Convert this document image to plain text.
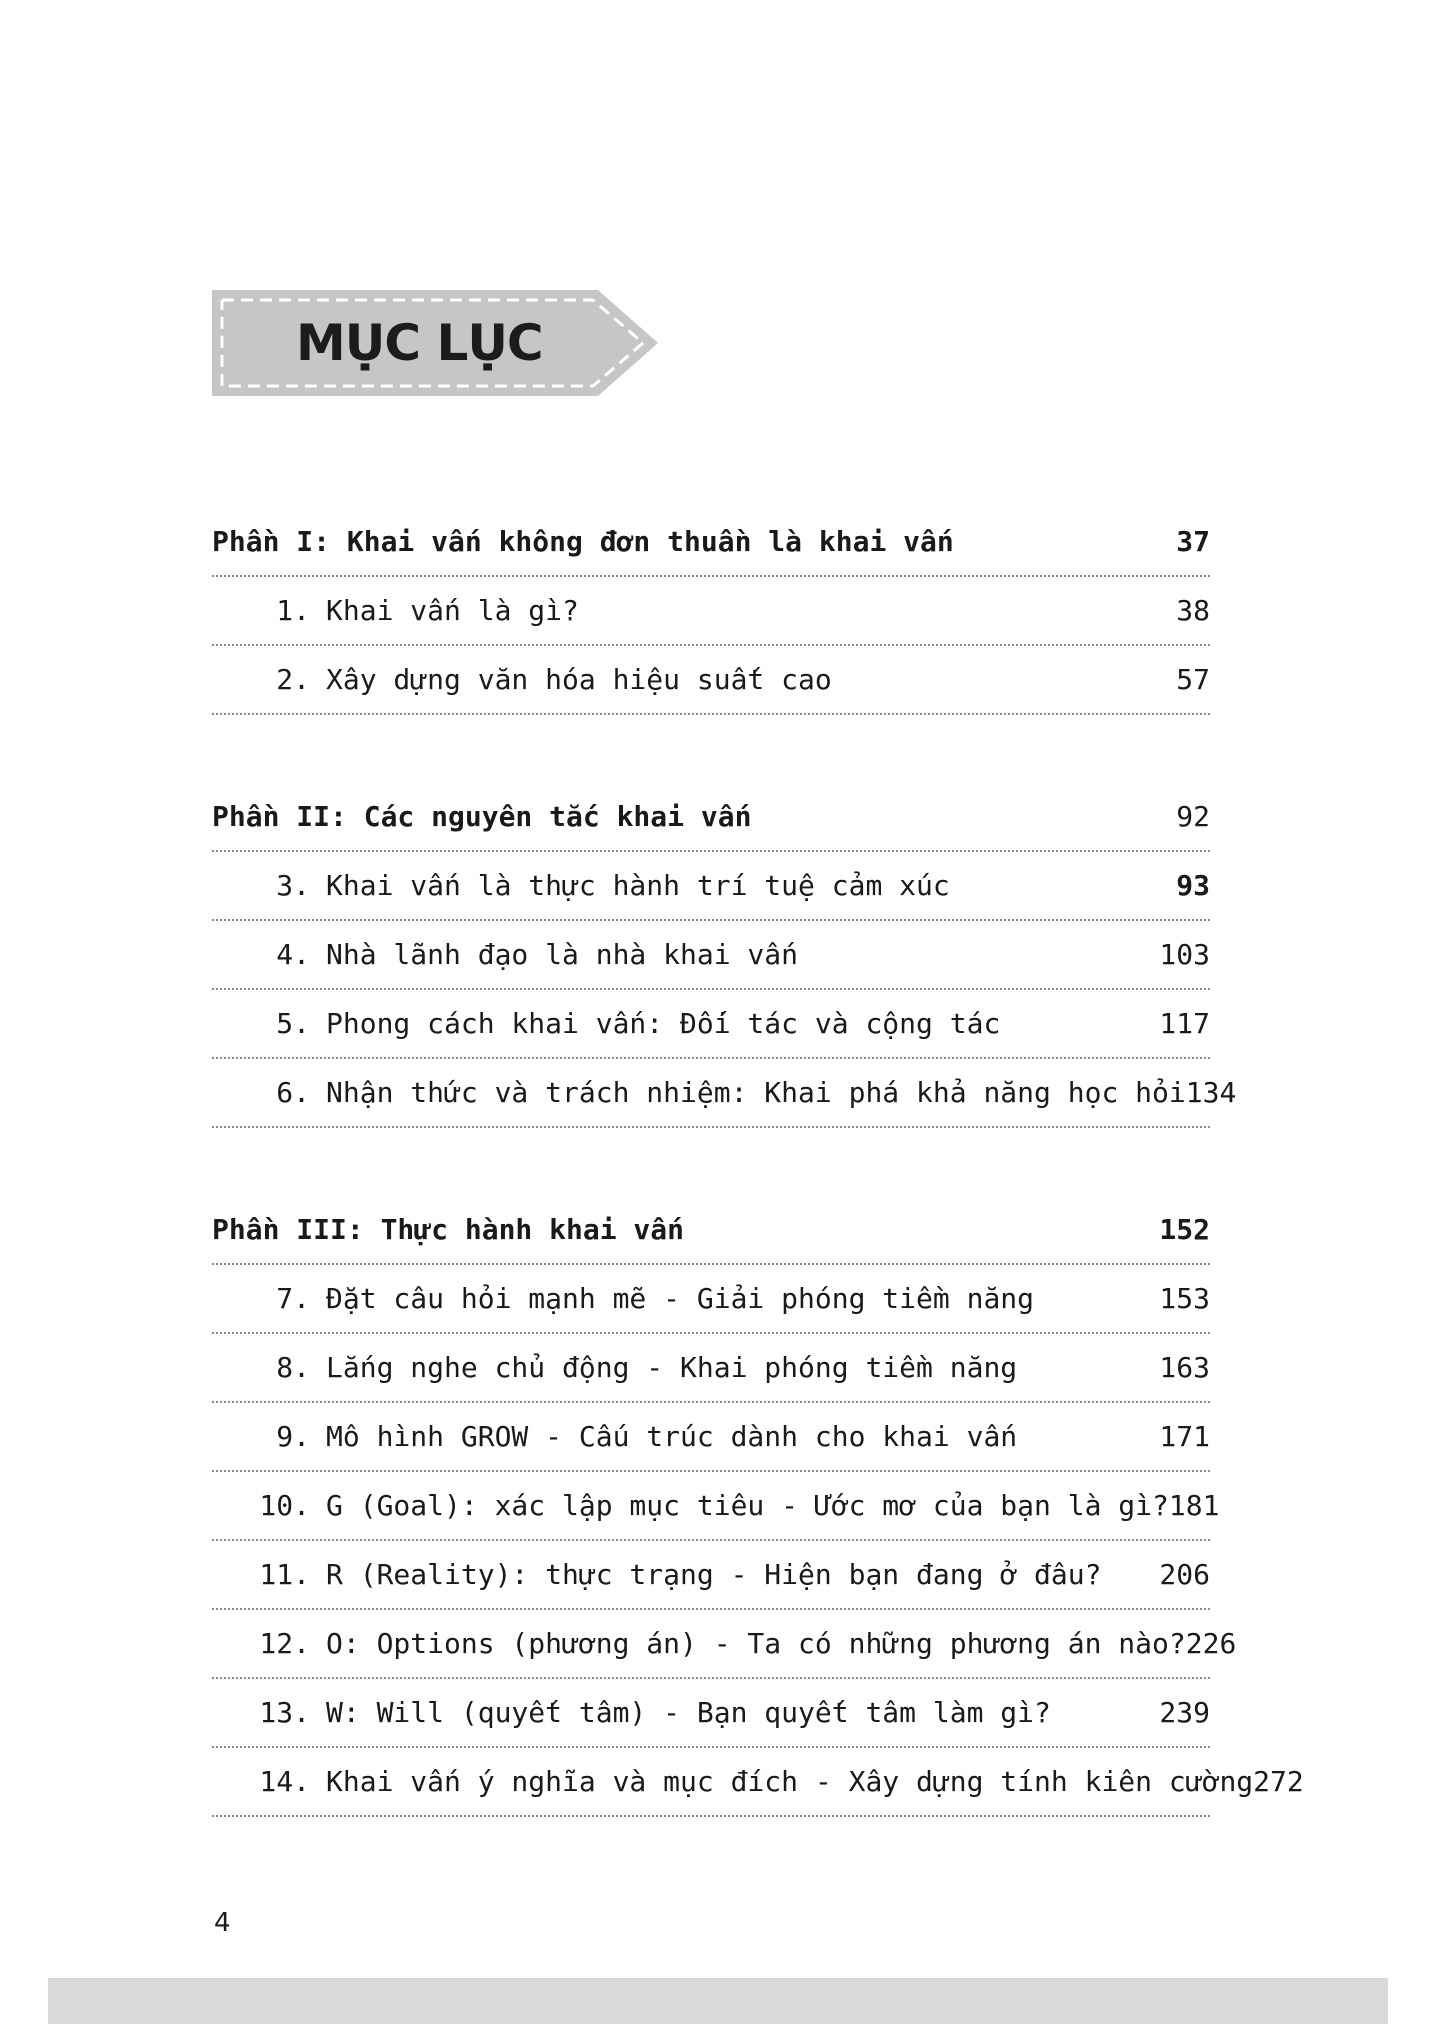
MỤC LỤC
Phần I: Khai vấn không đơn thuần là khai vấn	37
1. Khai vấn là gì?	38
2. Xây dựng văn hóa hiệu suất cao	57
Phần II: Các nguyên tắc khai vấn	92
3. Khai vấn là thực hành trí tuệ cảm xúc	93
4. Nhà lãnh đạo là nhà khai vấn	103
5. Phong cách khai vấn: Đối tác và cộng tác	117
6. Nhận thức và trách nhiệm: Khai phá khả năng học hỏi 134
Phần III: Thực hành khai vấn	152
7. Đặt câu hỏi mạnh mẽ - Giải phóng tiềm năng	153
8. Lắng nghe chủ động - Khai phóng tiềm năng	163
9. Mô hình GROW - Cấu trúc dành cho khai vấn	171
10. G (Goal): xác lập mục tiêu - Ước mơ của bạn là gì? 181
11. R (Reality): thực trạng - Hiện bạn đang ở đâu? 206
12. O: Options (phương án) - Ta có những phương án nào? 226
13. W: Will (quyết tâm) - Bạn quyết tâm làm gì?	239
14. Khai vấn ý nghĩa và mục đích - Xây dựng tính kiên cường 272
4
